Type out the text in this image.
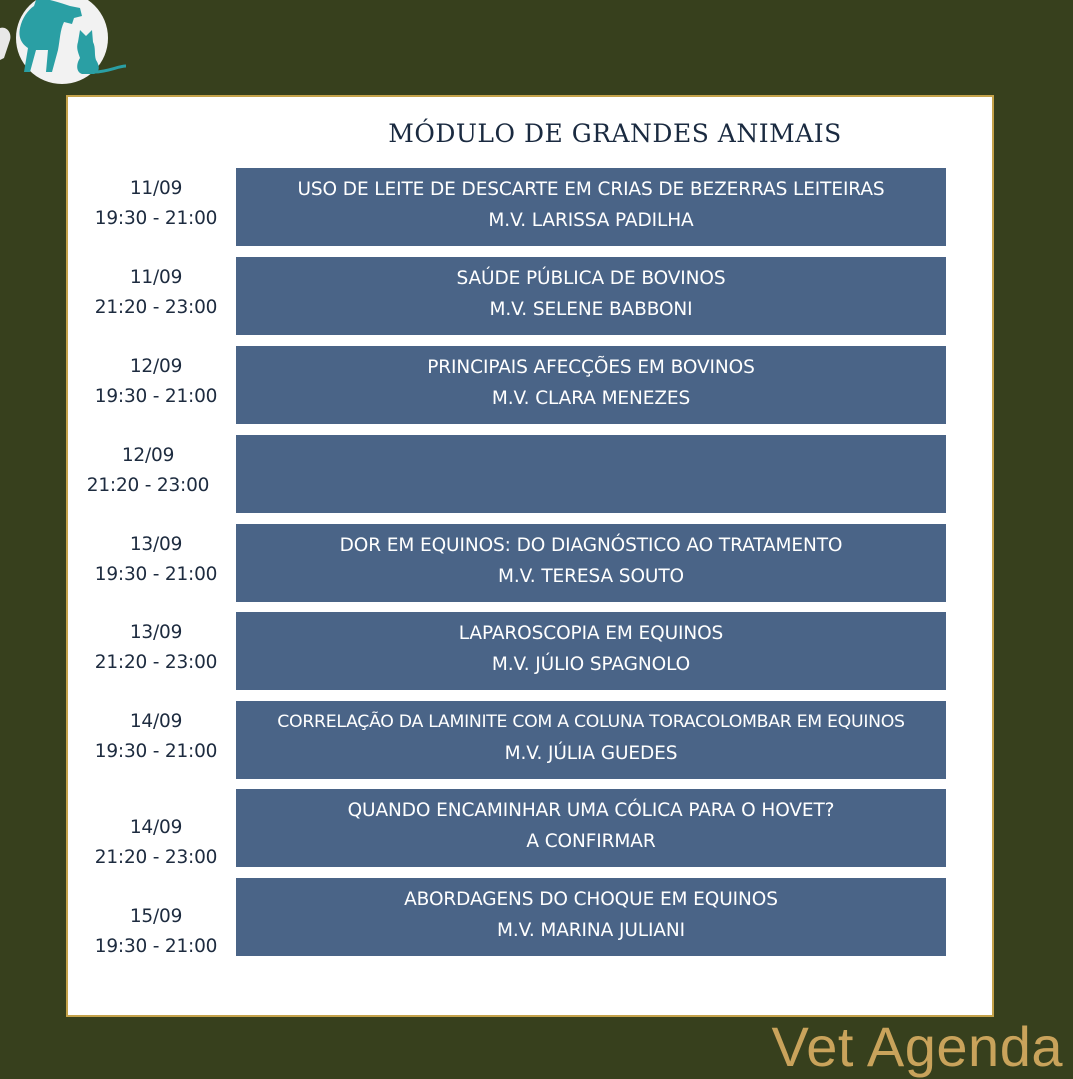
MÓDULO DE GRANDES ANIMAIS
11/09
19:30 - 21:00
USO DE LEITE DE DESCARTE EM CRIAS DE BEZERRAS LEITEIRAS
M.V. LARISSA PADILHA
11/09
21:20 - 23:00
SAÚDE PÚBLICA DE BOVINOS
M.V. SELENE BABBONI
12/09
19:30 - 21:00
PRINCIPAIS AFECÇÕES EM BOVINOS
M.V. CLARA MENEZES
12/09
21:20 - 23:00
13/09
19:30 - 21:00
DOR EM EQUINOS: DO DIAGNÓSTICO AO TRATAMENTO
M.V. TERESA SOUTO
13/09
21:20 - 23:00
LAPAROSCOPIA EM EQUINOS
M.V. JÚLIO SPAGNOLO
14/09
19:30 - 21:00
CORRELAÇÃO DA LAMINITE COM A COLUNA TORACOLOMBAR EM EQUINOS
M.V. JÚLIA GUEDES
14/09
21:20 - 23:00
QUANDO ENCAMINHAR UMA CÓLICA PARA O HOVET?
A CONFIRMAR
15/09
19:30 - 21:00
ABORDAGENS DO CHOQUE EM EQUINOS
M.V. MARINA JULIANI
Vet Agenda
